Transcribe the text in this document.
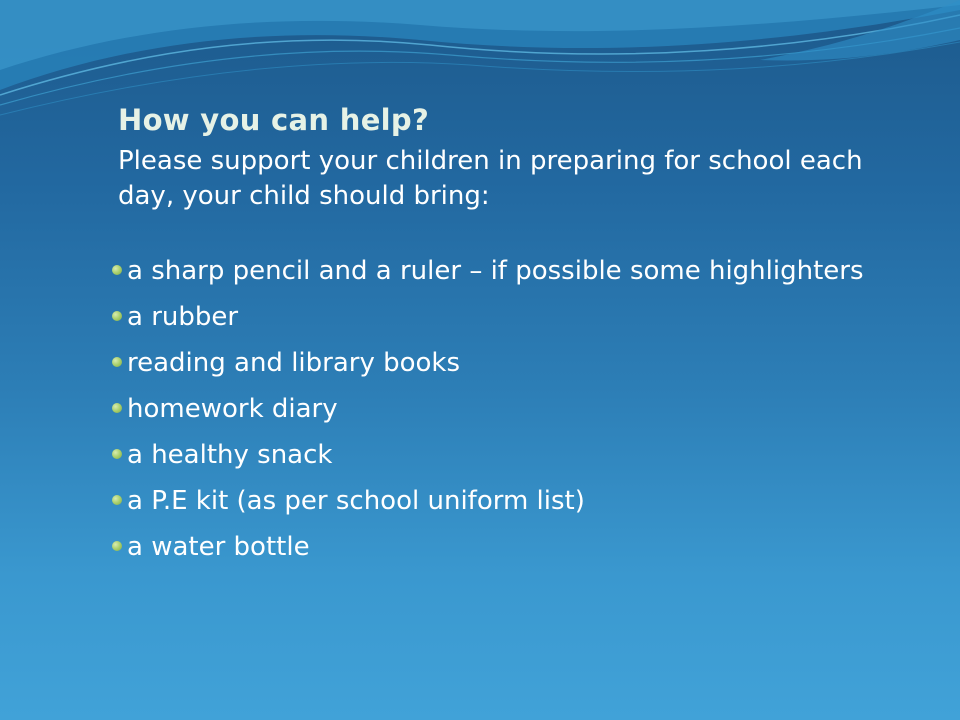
How you can help?

Please support your children in preparing for school each day, your child should bring:

a sharp pencil and a ruler – if possible some highlighters
a rubber
reading and library books
homework diary
a healthy snack
a P.E kit (as per school uniform list)
a water bottle
